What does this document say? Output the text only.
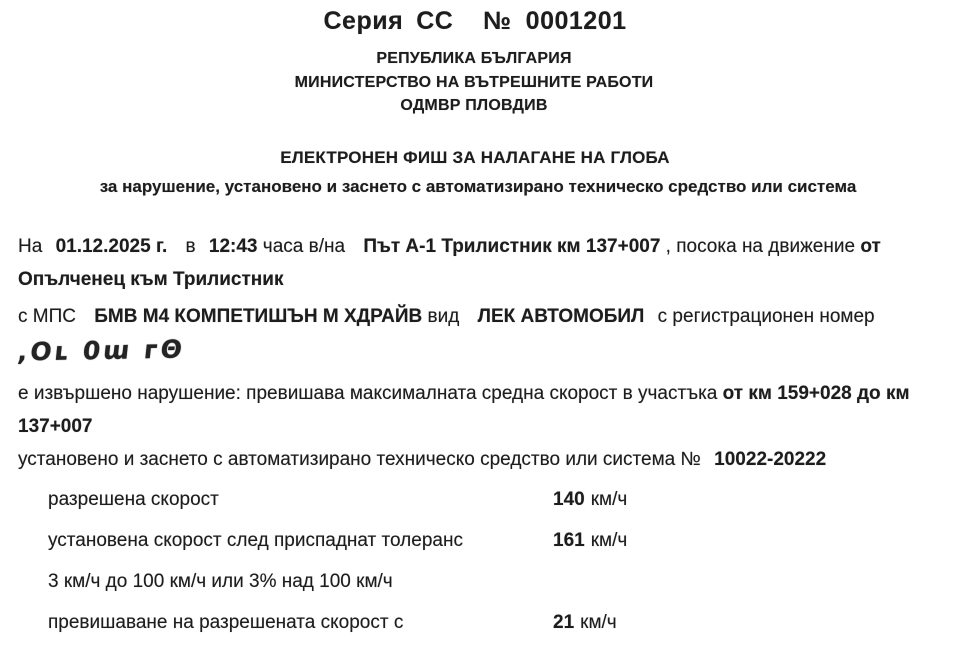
Серия СС № 0001201
РЕПУБЛИКА БЪЛГАРИЯ
МИНИСТЕРСТВО НА ВЪТРЕШНИТЕ РАБОТИ
ОДМВР ПЛОВДИВ
ЕЛЕКТРОНЕН ФИШ ЗА НАЛАГАНЕ НА ГЛОБА
за нарушение, установено и заснето с автоматизирано техническо средство или система
На 01.12.2025 г. в 12:43 часа в/на Път А-1 Трилистник км 137+007 , посока на движение от
Опълченец към Трилистник
с МПС БМВ М4 КОМПЕТИШЪН М ХДРАЙВ вид ЛЕК АВТОМОБИЛ с регистрационен номер
,Οʟ 0ɯ ᴦΘ
е извършено нарушение: превишава максималната средна скорост в участъка от км 159+028 до км
137+007
установено и заснето с автоматизирано техническо средство или система № 10022-20222
разрешена скорост	140 км/ч
установена скорост след приспаднат толеранс	161 км/ч
3 км/ч до 100 км/ч или 3% над 100 км/ч
превишаване на разрешената скорост с	21 км/ч
